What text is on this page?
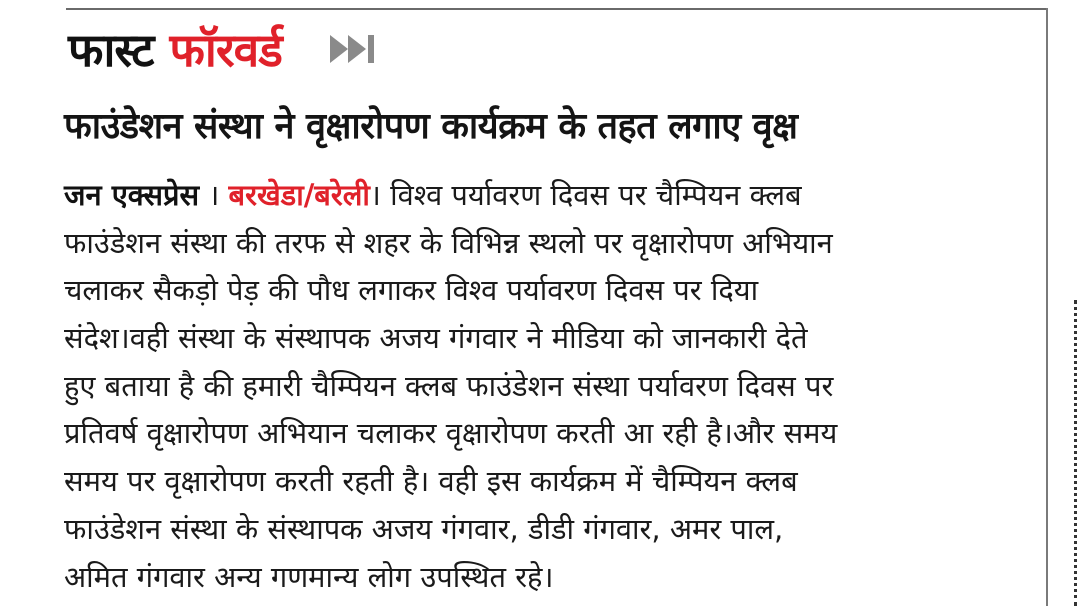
फास्ट फॉरवर्ड
फाउंडेशन संस्था ने वृक्षारोपण कार्यक्रम के तहत लगाए वृक्ष
जन एक्सप्रेस । बरखेडा/बरेली। विश्व पर्यावरण दिवस पर चैम्पियन क्लब
फाउंडेशन संस्था की तरफ से शहर के विभिन्न स्थलो पर वृक्षारोपण अभियान
चलाकर सैकड़ो पेड़ की पौध लगाकर विश्व पर्यावरण दिवस पर दिया
संदेश।वही संस्था के संस्थापक अजय गंगवार ने मीडिया को जानकारी देते
हुए बताया है की हमारी चैम्पियन क्लब फाउंडेशन संस्था पर्यावरण दिवस पर
प्रतिवर्ष वृक्षारोपण अभियान चलाकर वृक्षारोपण करती आ रही है।और समय
समय पर वृक्षारोपण करती रहती है। वही इस कार्यक्रम में चैम्पियन क्लब
फाउंडेशन संस्था के संस्थापक अजय गंगवार, डीडी गंगवार, अमर पाल,
अमित गंगवार अन्य गणमान्य लोग उपस्थित रहे।
